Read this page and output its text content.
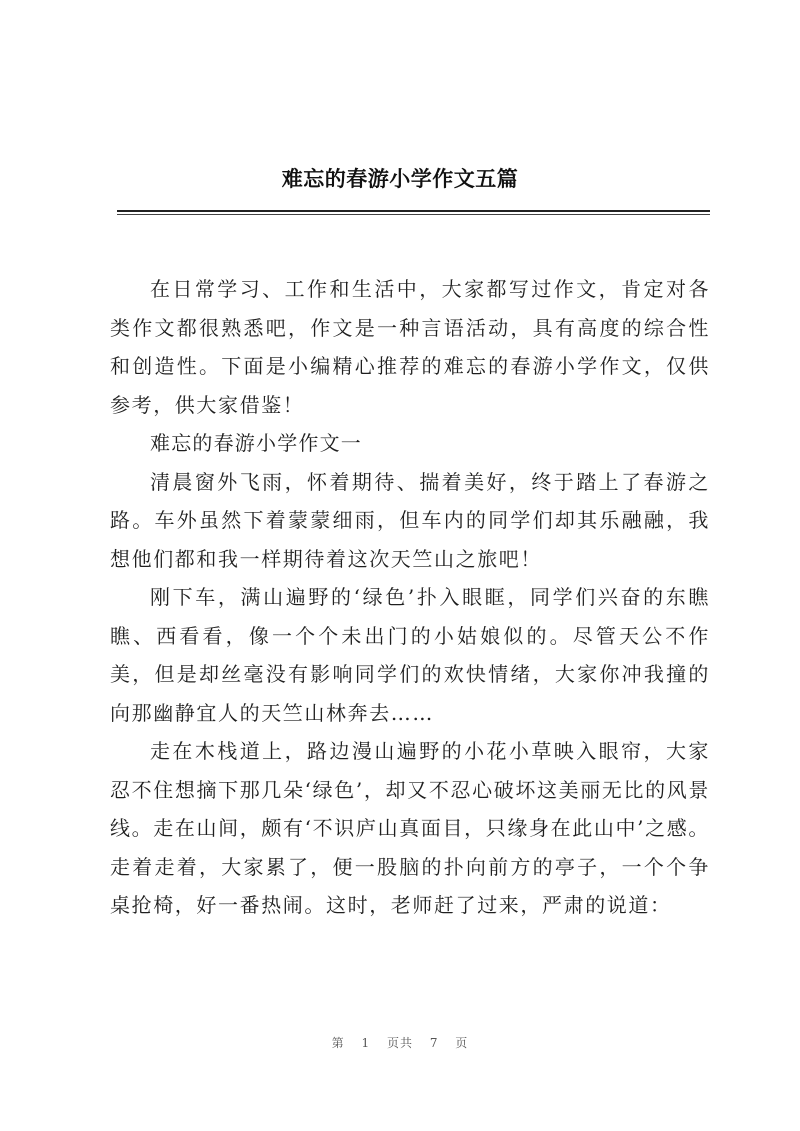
难忘的春游小学作文五篇

在日常学习、工作和生活中，大家都写过作文，肯定对各类作文都很熟悉吧，作文是一种言语活动，具有高度的综合性和创造性。下面是小编精心推荐的难忘的春游小学作文，仅供参考，供大家借鉴！

难忘的春游小学作文一

清晨窗外飞雨，怀着期待、揣着美好，终于踏上了春游之路。车外虽然下着蒙蒙细雨，但车内的同学们却其乐融融，我想他们都和我一样期待着这次天竺山之旅吧！

刚下车，满山遍野的‘绿色’扑入眼眶，同学们兴奋的东瞧瞧、西看看，像一个个未出门的小姑娘似的。尽管天公不作美，但是却丝毫没有影响同学们的欢快情绪，大家你冲我撞的向那幽静宜人的天竺山林奔去……

走在木栈道上，路边漫山遍野的小花小草映入眼帘，大家忍不住想摘下那几朵‘绿色’，却又不忍心破坏这美丽无比的风景线。走在山间，颇有‘不识庐山真面目，只缘身在此山中’之感。走着走着，大家累了，便一股脑的扑向前方的亭子，一个个争桌抢椅，好一番热闹。这时，老师赶了过来，严肃的说道：

第 1 页共 7 页
